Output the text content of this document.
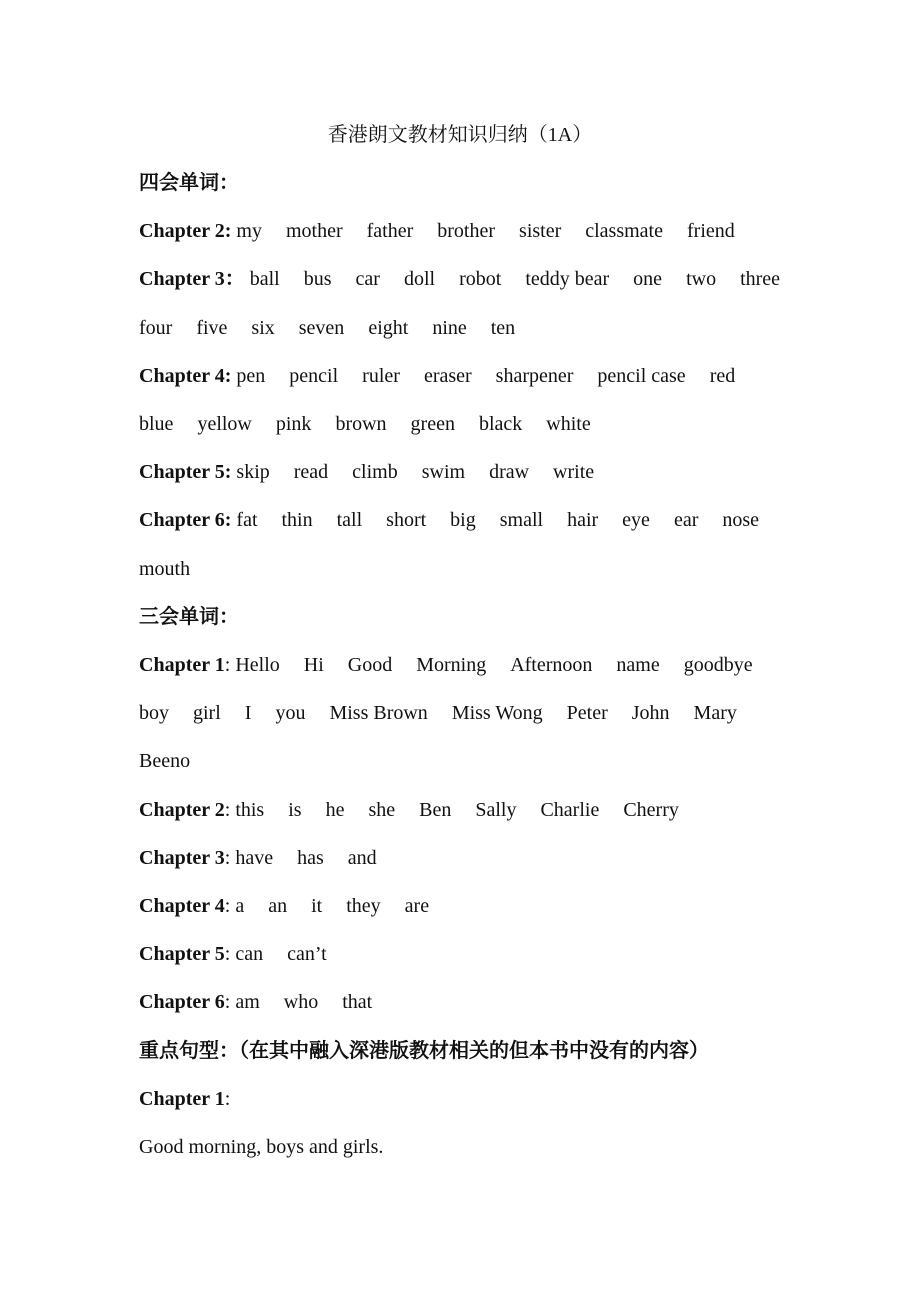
香港朗文教材知识归纳（1A）
四会单词：
Chapter 2: my mother father brother sister classmate friend
Chapter 3： ball bus car doll robot teddy bear one two three
four five six seven eight nine ten
Chapter 4: pen pencil ruler eraser sharpener pencil case red
blue yellow pink brown green black white
Chapter 5: skip read climb swim draw write
Chapter 6: fat thin tall short big small hair eye ear nose
mouth
三会单词：
Chapter 1: Hello Hi Good Morning Afternoon name goodbye
boy girl I you Miss Brown Miss Wong Peter John Mary
Beeno
Chapter 2: this is he she Ben Sally Charlie Cherry
Chapter 3: have has and
Chapter 4: a an it they are
Chapter 5: can can’t
Chapter 6: am who that
重点句型：（在其中融入深港版教材相关的但本书中没有的内容）
Chapter 1:
Good morning, boys and girls.
